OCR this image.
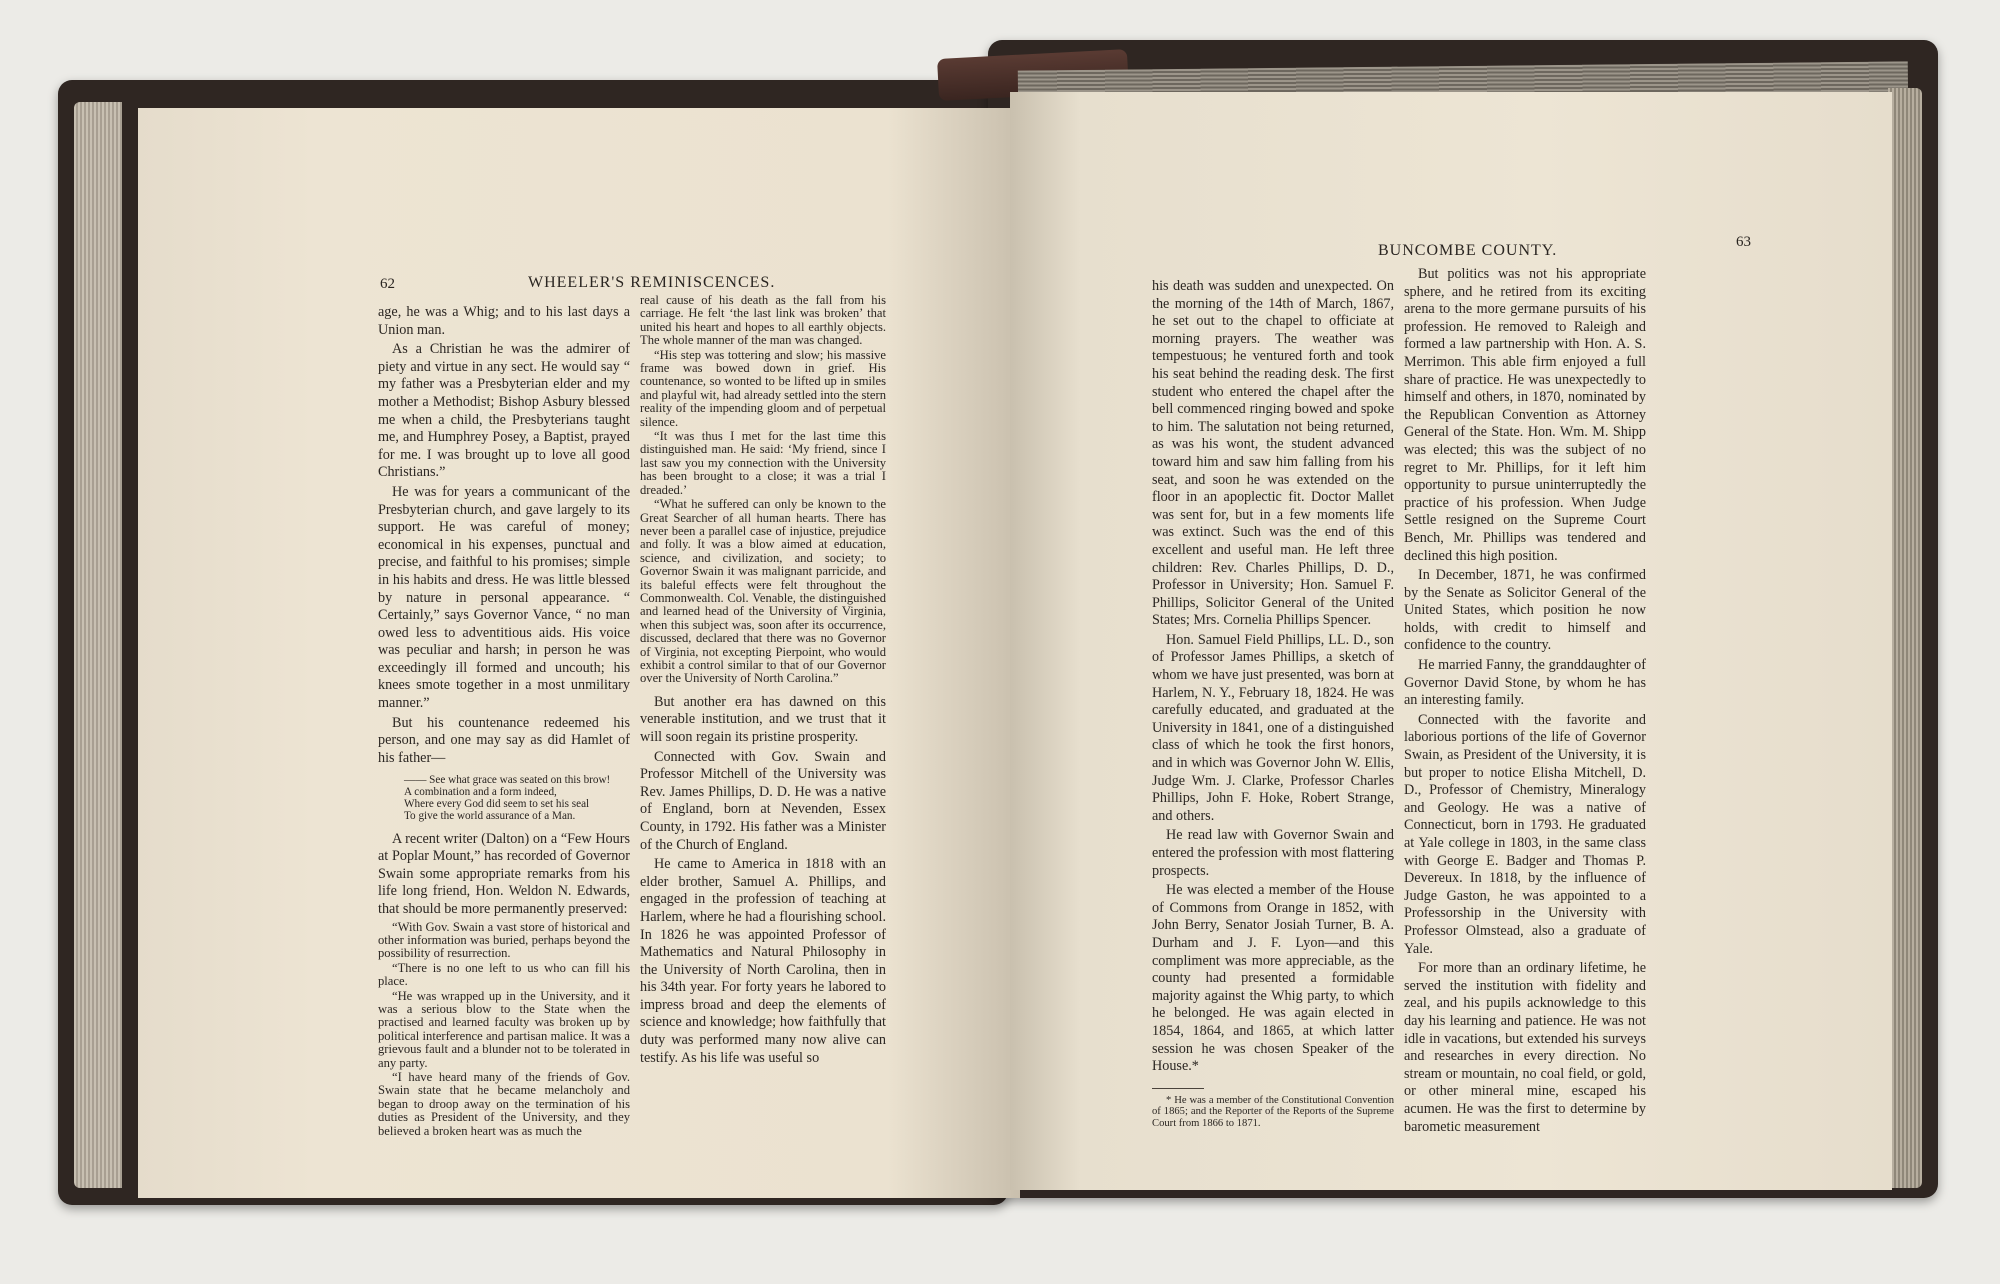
62	WHEELER'S REMINISCENCES.

age, he was a Whig; and to his last days a Union man.

As a Christian he was the admirer of piety and virtue in any sect. He would say “ my father was a Presbyterian elder and my mother a Methodist; Bishop Asbury blessed me when a child, the Presbyterians taught me, and Humphrey Posey, a Baptist, prayed for me. I was brought up to love all good Christians.”

He was for years a communicant of the Presbyterian church, and gave largely to its support. He was careful of money; economical in his expenses, punctual and precise, and faithful to his promises; simple in his habits and dress. He was little blessed by nature in personal appearance. “ Certainly,” says Governor Vance, “ no man owed less to adventitious aids. His voice was peculiar and harsh; in person he was exceedingly ill formed and uncouth; his knees smote together in a most unmilitary manner.”

But his countenance redeemed his person, and one may say as did Hamlet of his father—

—— See what grace was seated on this brow!
A combination and a form indeed,
Where every God did seem to set his seal
To give the world assurance of a Man.

A recent writer (Dalton) on a “Few Hours at Poplar Mount,” has recorded of Governor Swain some appropriate remarks from his life long friend, Hon. Weldon N. Edwards, that should be more permanently preserved:

“With Gov. Swain a vast store of historical and other information was buried, perhaps beyond the possibility of resurrection.

“There is no one left to us who can fill his place.

“He was wrapped up in the University, and it was a serious blow to the State when the practised and learned faculty was broken up by political interference and partisan malice. It was a grievous fault and a blunder not to be tolerated in any party.

“I have heard many of the friends of Gov. Swain state that he became melancholy and began to droop away on the termination of his duties as President of the University, and they believed a broken heart was as much the

real cause of his death as the fall from his carriage. He felt ‘the last link was broken’ that united his heart and hopes to all earthly objects. The whole manner of the man was changed.

“His step was tottering and slow; his massive frame was bowed down in grief. His countenance, so wonted to be lifted up in smiles and playful wit, had already settled into the stern reality of the impending gloom and of perpetual silence.

“It was thus I met for the last time this distinguished man. He said: ‘My friend, since I last saw you my connection with the University has been brought to a close; it was a trial I dreaded.’

“What he suffered can only be known to the Great Searcher of all human hearts. There has never been a parallel case of injustice, prejudice and folly. It was a blow aimed at education, science, and civilization, and society; to Governor Swain it was malignant parricide, and its baleful effects were felt throughout the Commonwealth. Col. Venable, the distinguished and learned head of the University of Virginia, when this subject was, soon after its occurrence, discussed, declared that there was no Governor of Virginia, not excepting Pierpoint, who would exhibit a control similar to that of our Governor over the University of North Carolina.”

But another era has dawned on this venerable institution, and we trust that it will soon regain its pristine prosperity.

Connected with Gov. Swain and Professor Mitchell of the University was Rev. James Phillips, D. D. He was a native of England, born at Nevenden, Essex County, in 1792. His father was a Minister of the Church of England.

He came to America in 1818 with an elder brother, Samuel A. Phillips, and engaged in the profession of teaching at Harlem, where he had a flourishing school. In 1826 he was appointed Professor of Mathematics and Natural Philosophy in the University of North Carolina, then in his 34th year. For forty years he labored to impress broad and deep the elements of science and knowledge; how faithfully that duty was performed many now alive can testify. As his life was useful so

BUNCOMBE COUNTY.	63

his death was sudden and unexpected. On the morning of the 14th of March, 1867, he set out to the chapel to officiate at morning prayers. The weather was tempestuous; he ventured forth and took his seat behind the reading desk. The first student who entered the chapel after the bell commenced ringing bowed and spoke to him. The salutation not being returned, as was his wont, the student advanced toward him and saw him falling from his seat, and soon he was extended on the floor in an apoplectic fit. Doctor Mallet was sent for, but in a few moments life was extinct. Such was the end of this excellent and useful man. He left three children: Rev. Charles Phillips, D. D., Professor in University; Hon. Samuel F. Phillips, Solicitor General of the United States; Mrs. Cornelia Phillips Spencer.

Hon. Samuel Field Phillips, LL. D., son of Professor James Phillips, a sketch of whom we have just presented, was born at Harlem, N. Y., February 18, 1824. He was carefully educated, and graduated at the University in 1841, one of a distinguished class of which he took the first honors, and in which was Governor John W. Ellis, Judge Wm. J. Clarke, Professor Charles Phillips, John F. Hoke, Robert Strange, and others.

He read law with Governor Swain and entered the profession with most flattering prospects.

He was elected a member of the House of Commons from Orange in 1852, with John Berry, Senator Josiah Turner, B. A. Durham and J. F. Lyon—and this compliment was more appreciable, as the county had presented a formidable majority against the Whig party, to which he belonged. He was again elected in 1854, 1864, and 1865, at which latter session he was chosen Speaker of the House.*

* He was a member of the Constitutional Convention of 1865; and the Reporter of the Reports of the Supreme Court from 1866 to 1871.

But politics was not his appropriate sphere, and he retired from its exciting arena to the more germane pursuits of his profession. He removed to Raleigh and formed a law partnership with Hon. A. S. Merrimon. This able firm enjoyed a full share of practice. He was unexpectedly to himself and others, in 1870, nominated by the Republican Convention as Attorney General of the State. Hon. Wm. M. Shipp was elected; this was the subject of no regret to Mr. Phillips, for it left him opportunity to pursue uninterruptedly the practice of his profession. When Judge Settle resigned on the Supreme Court Bench, Mr. Phillips was tendered and declined this high position.

In December, 1871, he was confirmed by the Senate as Solicitor General of the United States, which position he now holds, with credit to himself and confidence to the country.

He married Fanny, the granddaughter of Governor David Stone, by whom he has an interesting family.

Connected with the favorite and laborious portions of the life of Governor Swain, as President of the University, it is but proper to notice Elisha Mitchell, D. D., Professor of Chemistry, Mineralogy and Geology. He was a native of Connecticut, born in 1793. He graduated at Yale college in 1803, in the same class with George E. Badger and Thomas P. Devereux. In 1818, by the influence of Judge Gaston, he was appointed to a Professorship in the University with Professor Olmstead, also a graduate of Yale.

For more than an ordinary lifetime, he served the institution with fidelity and zeal, and his pupils acknowledge to this day his learning and patience. He was not idle in vacations, but extended his surveys and researches in every direction. No stream or mountain, no coal field, or gold, or other mineral mine, escaped his acumen. He was the first to determine by barometic measurement
